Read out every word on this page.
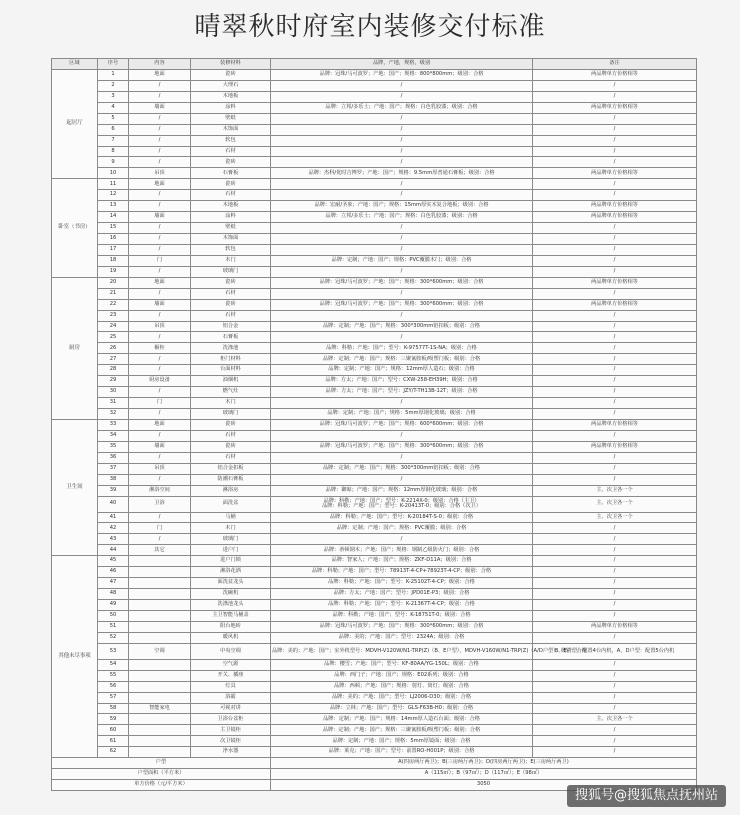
晴翠秋时府室内装修交付标准
区域	序号	内容	装修材料	品牌，产地，规格，级别	备注
起居厅	1	地面	瓷砖	品牌：冠珠/马可波罗；产地：国产；规格：800*800mm；级别：合格	两品牌单方价格相等
	2	/	大理石	/	/
	3	/	木地板	/	/
	4	墙面	涂料	品牌：立邦/多乐士；产地：国产；规格：白色乳胶漆；级别：合格	两品牌单方价格相等
	5	/	壁纸	/	/
	6	/	木饰面	/	/
	7	/	软包	/	/
	8	/	石材	/	/
	9	/	瓷砖	/	/
	10	吊顶	石膏板	品牌：杰科/优时吉博罗；产地：国产；规格：9.5mm厚普通石膏板；级别：合格	两品牌单方价格相等
卧室（书房）	11	地面	瓷砖	/	/
	12	/	石材	/	/
	13	/	木地板	品牌：宏耐/圣象；产地：国产；规格：15mm厚实木复合地板；级别：合格	两品牌单方价格相等
	14	墙面	涂料	品牌：立邦/多乐士；产地：国产；规格：白色乳胶漆；级别：合格	两品牌单方价格相等
	15	/	壁纸	/	/
	16	/	木饰面	/	/
	17	/	软包	/	/
	18	门	木门	品牌：定制；产地：国产；规格：PVC覆膜木门；级别：合格	/
	19	/	玻璃门	/	/
厨房	20	地面	瓷砖	品牌：冠珠/马可波罗；产地：国产；规格：300*600mm；级别：合格	两品牌单方价格相等
	21	/	石材	/	/
	22	墙面	瓷砖	品牌：冠珠/马可波罗；产地：国产；规格：300*600mm；级别：合格	两品牌单方价格相等
	23	/	石材	/	/
	24	吊顶	铝合金	品牌：定制；产地：国产；规格：300*300mm铝扣板；级别：合格	/
	25	/	石膏板	/	/
	26	橱柜	洗涤池	品牌：科勒；产地：国产；型号：K-97577T-1S-NA；级别：合格	/
	27	/	柜门材料	品牌：定制；产地：国产；规格：三聚氰胺板/吸塑门板；级别：合格	/
	28	/	台面材料	品牌：定制；产地：国产；规格：12mm厚人造石；级别：合格	/
	29	厨房设备	油烟机	品牌：方太；产地：国产；型号：CXW-258-EH39H；级别：合格	/
	30	/	燃气灶	品牌：方太；产地：国产；型号：JZY/T-TH13B-12T；级别：合格	/
	31	门	木门	/	/
	32	/	玻璃门	品牌：定制；产地：国产；规格：5mm厚钢化玻璃；级别：合格	/
卫生间	33	地面	瓷砖	品牌：冠珠/马可波罗；产地：国产；规格：600*600mm；级别：合格	两品牌单方价格相等
	34	/	石材	/	/
	35	墙面	瓷砖	品牌：冠珠/马可波罗；产地：国产；规格：300*600mm；级别：合格	两品牌单方价格相等
	36	/	石材	/	/
	37	吊顶	铝合金扣板	品牌：定制；产地：国产；规格：300*300mm铝扣板；级别：合格	/
	38	/	防潮石膏板	/	/
	39	淋浴空间	淋浴房	品牌：御晾；产地：国产；规格：12mm厚钢化玻璃；级别：合格	主、次卫各一个
	40	卫浴	面洗盆	品牌：科勒；产地：国产；型号：K-2214X-0；级别：合格（主卫）
品牌：科勒；产地：国产；型号：K-20413T-0；级别：合格（次卫）	主、次卫各一个
	41	/	马桶	品牌：科勒；产地：国产；型号：K-20184T-S-0；级别：合格	主、次卫各一个
	42	门	木门	品牌：定制；产地：国产；规格：PVC覆膜；级别：合格	/
	43	/	玻璃门	/	/
	44	其它	进户门	品牌：蒂顿钢木；产地：国产；规格：钢制乙级防火门；级别：合格	/
其他未尽事项	45		进户门锁	品牌：智家人；产地：国产；规格：ZKF-D11A；级别：合格	/
	46		淋浴花洒	品牌：科勒；产地：国产；型号：78913T-4-CP+78923T-4-CP；级别：合格	/
	47		面洗盆龙头	品牌：科勒；产地：国产；型号：K-25102T-4-CP；级别：合格	/
	48		洗碗机	品牌：方太；产地：国产；型号：JPD01E-P3；级别：合格	/
	49		洗涤池龙头	品牌：科勒；产地：国产；型号：K-21367T-4-CP；级别：合格	/
	50		主卫智能马桶盖	品牌：科勒；产地：国产；型号：K-18751T-0；级别：合格	/
	51		阳台地砖	品牌：冠珠/马可波罗；产地：国产；规格：300*600mm；级别：合格	两品牌单方价格相等
	52		暖风机	品牌：美的；产地：国产；型号：2324A；级别：合格	/
	53	空调	中央空调	品牌：美的；产地：国产；室外机型号：MDVH-V120W/N1-TRP(Z)（B、E户型），MDVH-V160W/N1-TRP(Z)（A/D户型）；级别：合格	B、E户型：配置4台内机，A、D户型：配置5台内机
	54		空气源	品牌：樱雪；产地：国产；型号：KF-80AA/YG-150L；级别：合格	/
	55		开关、插座	品牌：西门子；产地：国产；规格：E02系列；级别：合格	/
	56		灯具	品牌：西顿；产地：国产；规格：射灯、筒灯；级别：合格	/
	57		浴霸	品牌：美的；产地：国产；型号：LJ2006-D30；级别：合格	/
	58	智能家电	可视对讲	品牌：立林；产地：国产；型号：GLS-F63B-H0；级别：合格	/
	59		卫浴台盆柜	品牌：定制；产地：国产；规格：14mm厚人造石台面；级别：合格	主、次卫各一个
	60		主卫镜柜	品牌：定制；产地：国产；规格：三聚氰胺板/吸塑门板；级别：合格	/
	61		次卫镜柜	品牌：定制；产地：国产；规格：5mm厚镜面；级别：合格	/
	62		净水器	品牌：莱克；产地：国产；型号：前置RO-H001P；级别：合格	/
户型				A(四房两厅两卫)；B(三房两厅两卫)；D(四房两厅两卫)；E(三房两厅两卫)	
户型面积（平方米）				A（115㎡）；B（97㎡）；D（117㎡）；E（98㎡）	
单方价格（元/平方米）				3050	
搜狐号@搜狐焦点抚州站
